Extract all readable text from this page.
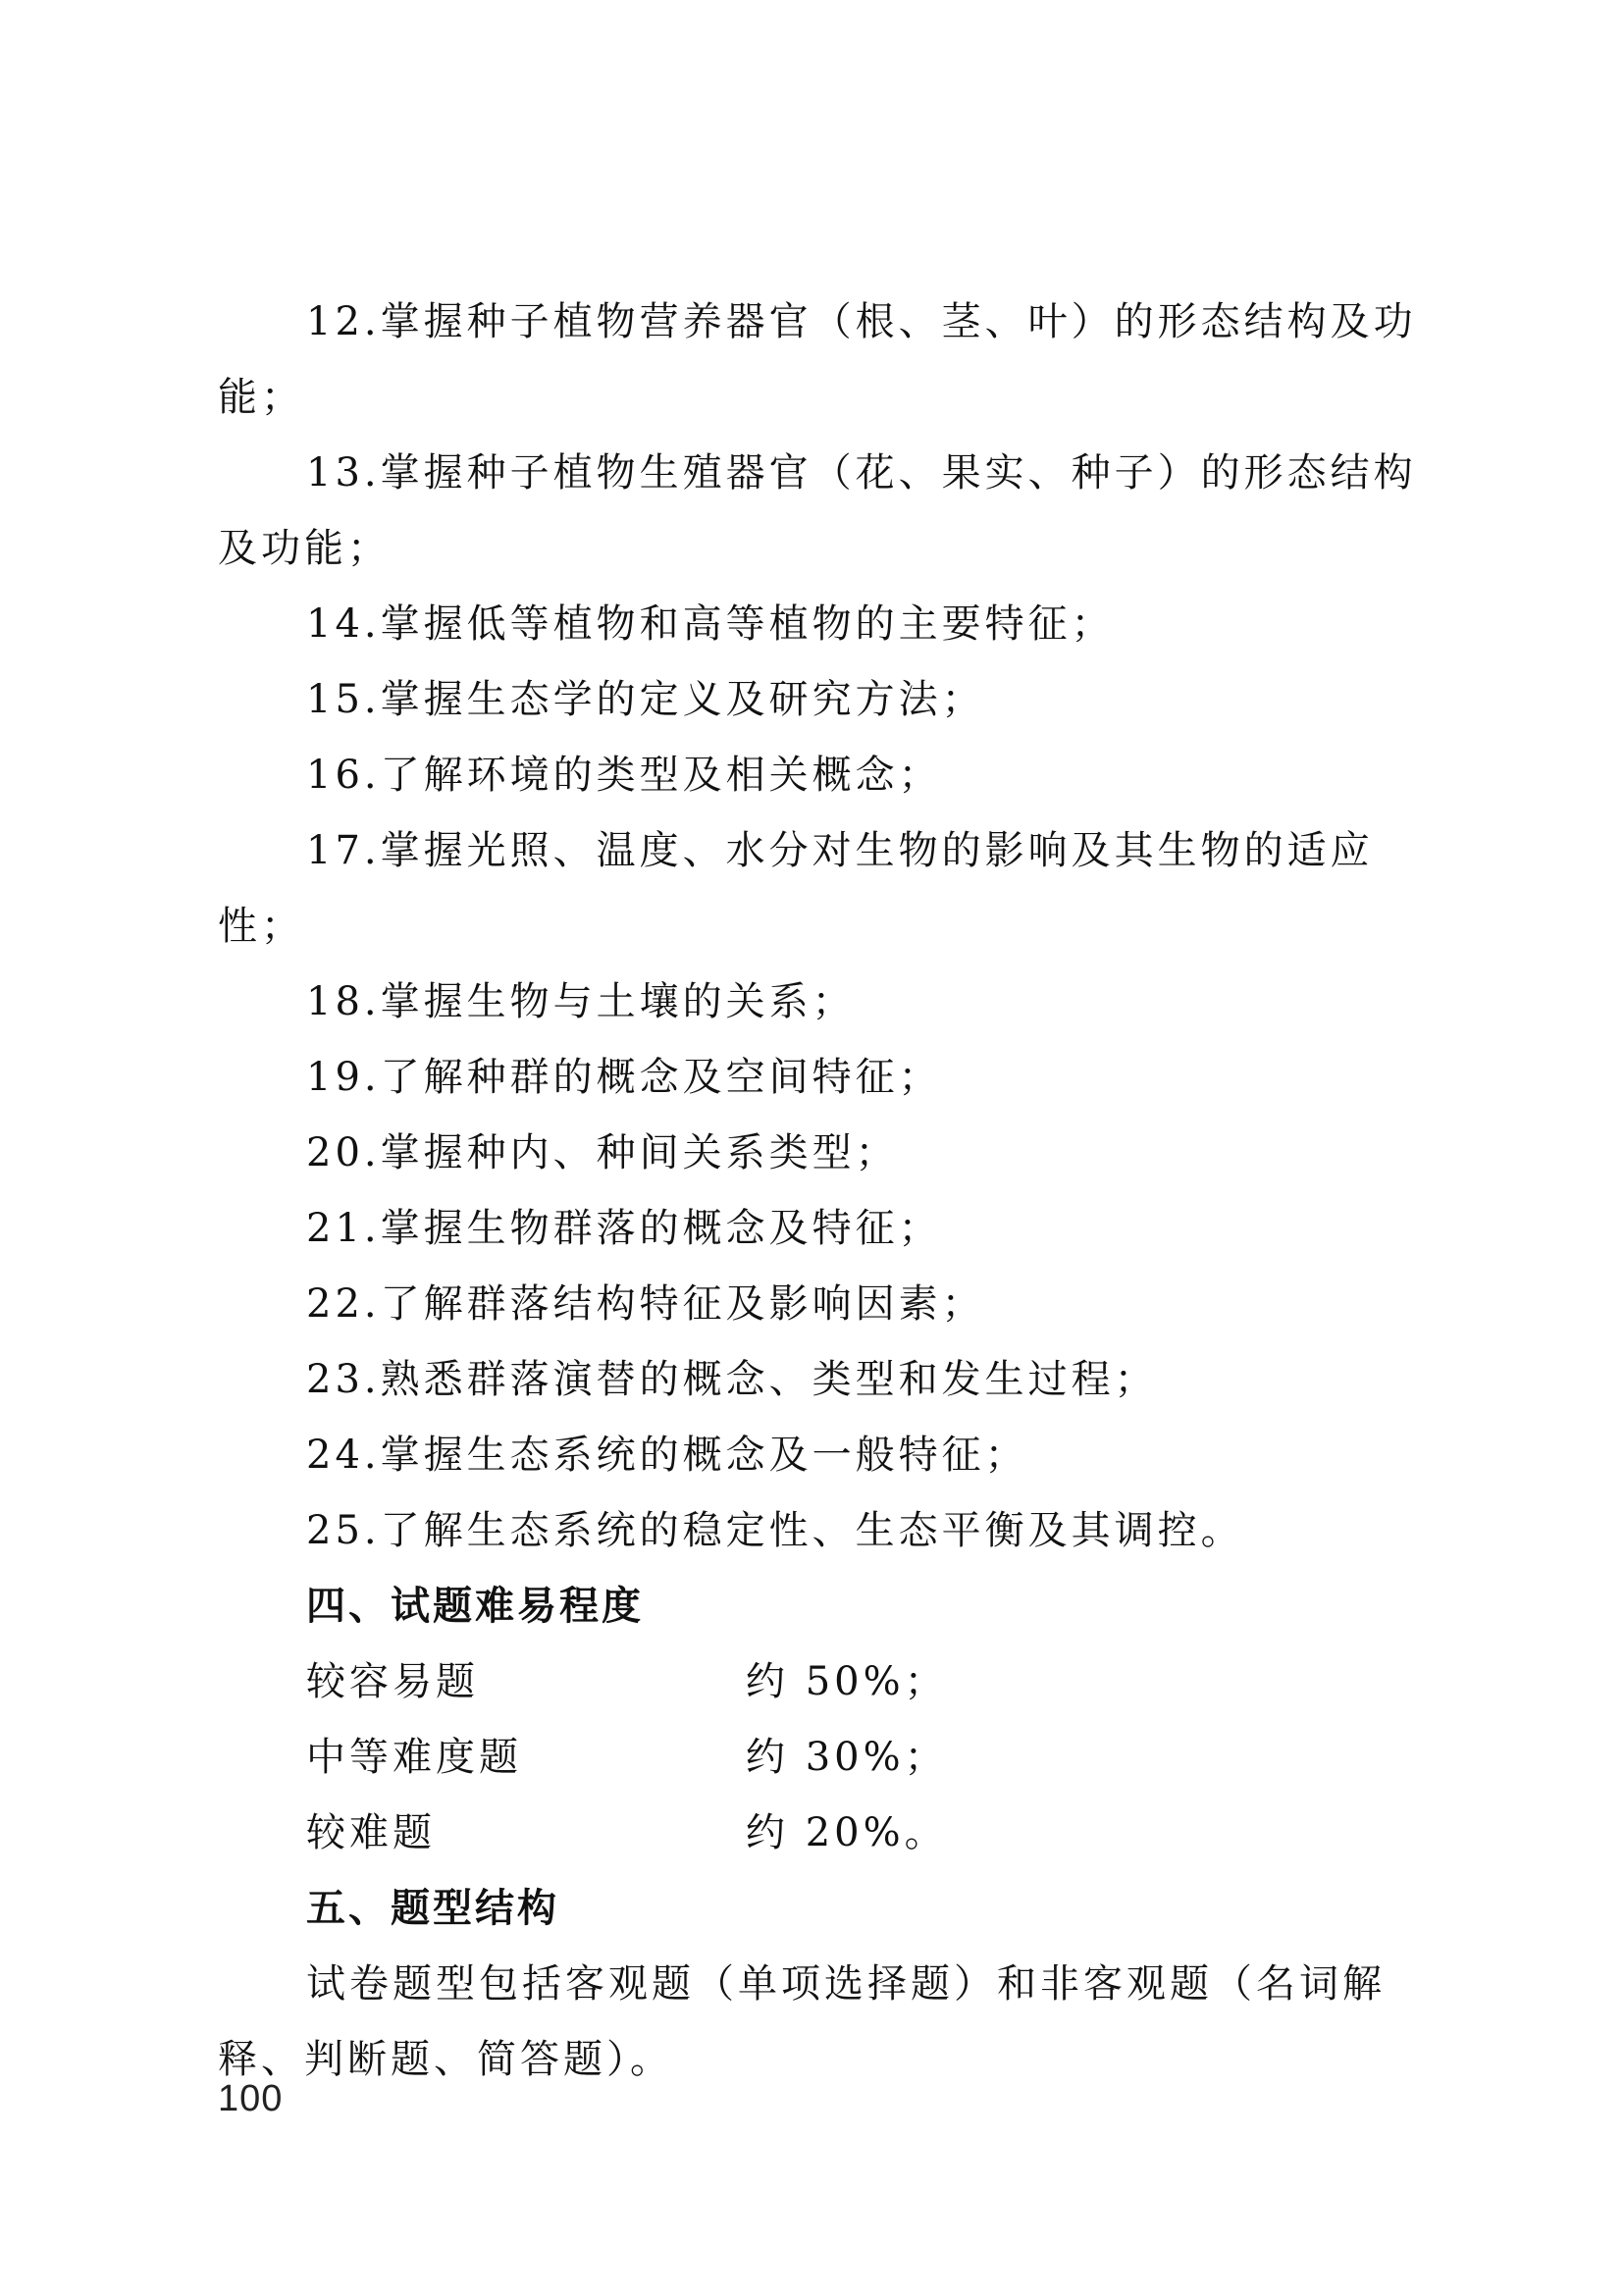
12.掌握种子植物营养器官（根、茎、叶）的形态结构及功能；

13.掌握种子植物生殖器官（花、果实、种子）的形态结构及功能；

14.掌握低等植物和高等植物的主要特征；

15.掌握生态学的定义及研究方法；

16.了解环境的类型及相关概念；

17.掌握光照、温度、水分对生物的影响及其生物的适应性；

18.掌握生物与土壤的关系；

19.了解种群的概念及空间特征；

20.掌握种内、种间关系类型；

21.掌握生物群落的概念及特征；

22.了解群落结构特征及影响因素；

23.熟悉群落演替的概念、类型和发生过程；

24.掌握生态系统的概念及一般特征；

25.了解生态系统的稳定性、生态平衡及其调控。

四、试题难易程度
较容易题	约 50%；
中等难度题	约 30%；
较难题	约 20%。
五、题型结构

试卷题型包括客观题（单项选择题）和非客观题（名词解释、判断题、简答题）。

100
